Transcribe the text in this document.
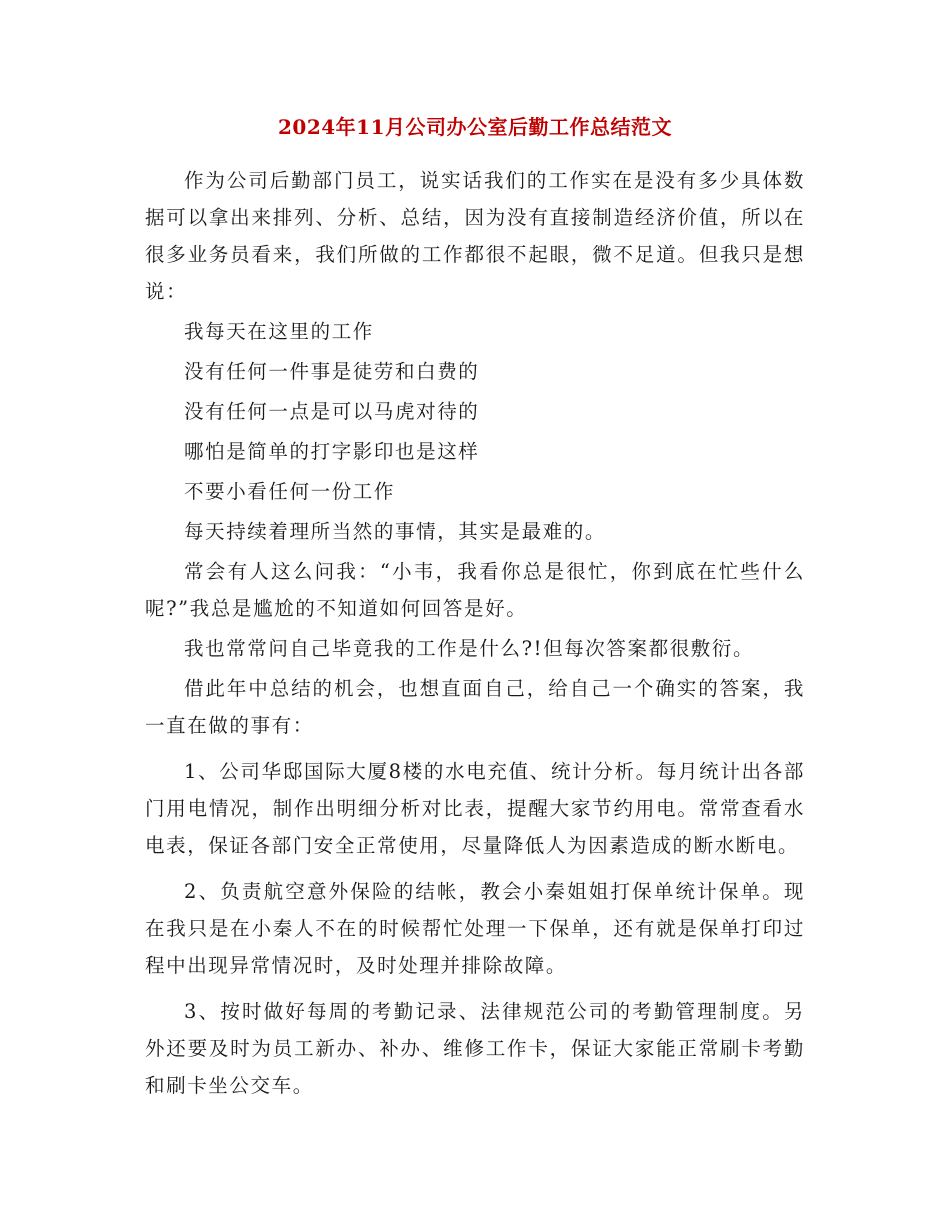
2024年11月公司办公室后勤工作总结范文

作为公司后勤部门员工，说实话我们的工作实在是没有多少具体数据可以拿出来排列、分析、总结，因为没有直接制造经济价值，所以在很多业务员看来，我们所做的工作都很不起眼，微不足道。但我只是想说：

我每天在这里的工作

没有任何一件事是徒劳和白费的

没有任何一点是可以马虎对待的

哪怕是简单的打字影印也是这样

不要小看任何一份工作

每天持续着理所当然的事情，其实是最难的。

常会有人这么问我：“小韦，我看你总是很忙，你到底在忙些什么呢?”我总是尴尬的不知道如何回答是好。

我也常常问自己毕竟我的工作是什么?!但每次答案都很敷衍。

借此年中总结的机会，也想直面自己，给自己一个确实的答案，我一直在做的事有：

1、公司华邸国际大厦8楼的水电充值、统计分析。每月统计出各部门用电情况，制作出明细分析对比表，提醒大家节约用电。常常查看水电表，保证各部门安全正常使用，尽量降低人为因素造成的断水断电。

2、负责航空意外保险的结帐，教会小秦姐姐打保单统计保单。现在我只是在小秦人不在的时候帮忙处理一下保单，还有就是保单打印过程中出现异常情况时，及时处理并排除故障。

3、按时做好每周的考勤记录、法律规范公司的考勤管理制度。另外还要及时为员工新办、补办、维修工作卡，保证大家能正常刷卡考勤和刷卡坐公交车。
